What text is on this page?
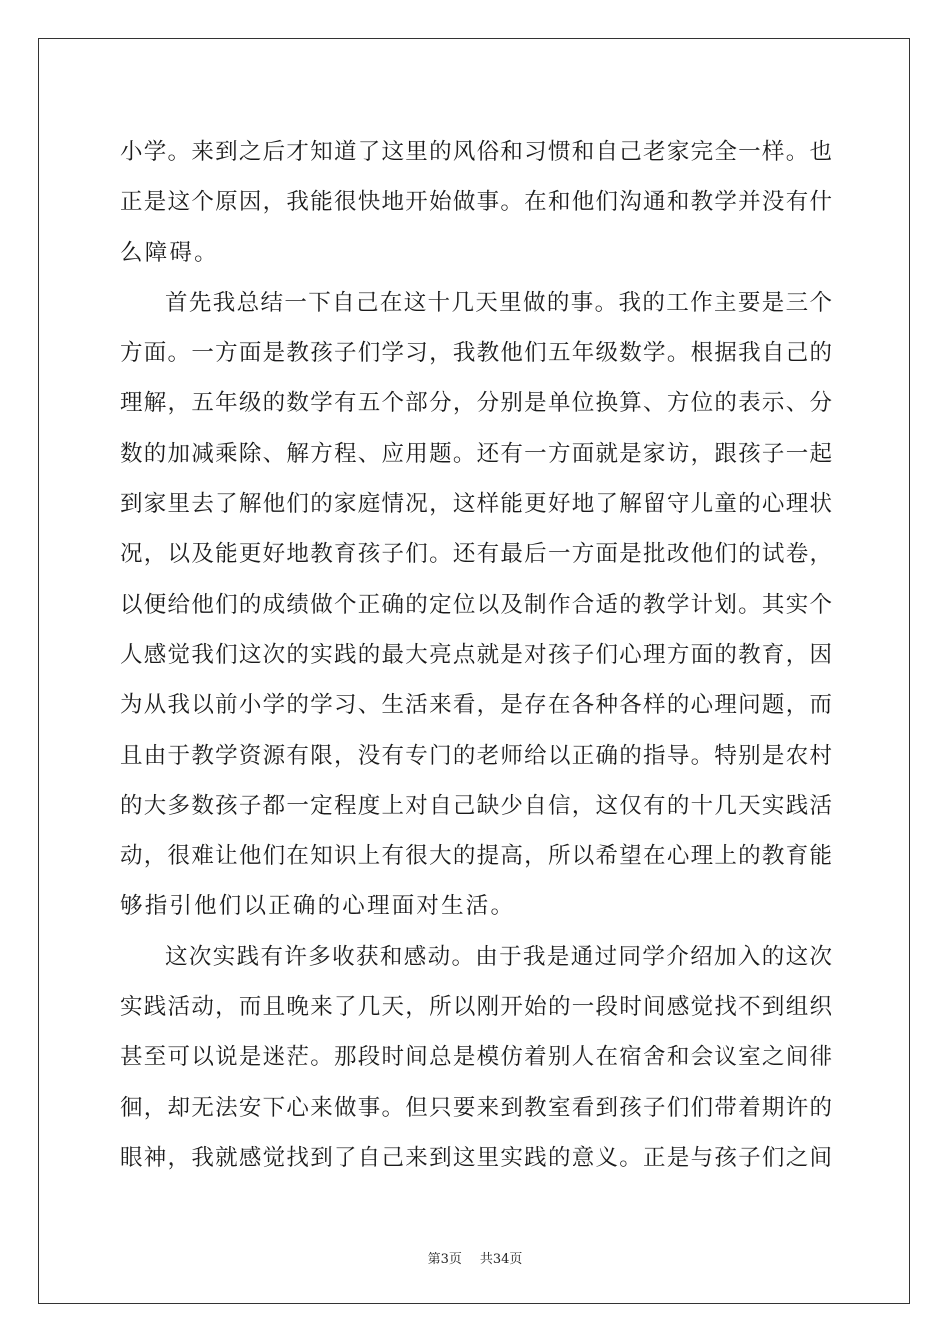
小学。来到之后才知道了这里的风俗和习惯和自己老家完全一样。也
正是这个原因，我能很快地开始做事。在和他们沟通和教学并没有什
么障碍。
首先我总结一下自己在这十几天里做的事。我的工作主要是三个
方面。一方面是教孩子们学习，我教他们五年级数学。根据我自己的
理解，五年级的数学有五个部分，分别是单位换算、方位的表示、分
数的加减乘除、解方程、应用题。还有一方面就是家访，跟孩子一起
到家里去了解他们的家庭情况，这样能更好地了解留守儿童的心理状
况，以及能更好地教育孩子们。还有最后一方面是批改他们的试卷，
以便给他们的成绩做个正确的定位以及制作合适的教学计划。其实个
人感觉我们这次的实践的最大亮点就是对孩子们心理方面的教育，因
为从我以前小学的学习、生活来看，是存在各种各样的心理问题，而
且由于教学资源有限，没有专门的老师给以正确的指导。特别是农村
的大多数孩子都一定程度上对自己缺少自信，这仅有的十几天实践活
动，很难让他们在知识上有很大的提高，所以希望在心理上的教育能
够指引他们以正确的心理面对生活。
这次实践有许多收获和感动。由于我是通过同学介绍加入的这次
实践活动，而且晚来了几天，所以刚开始的一段时间感觉找不到组织
甚至可以说是迷茫。那段时间总是模仿着别人在宿舍和会议室之间徘
徊，却无法安下心来做事。但只要来到教室看到孩子们们带着期许的
眼神，我就感觉找到了自己来到这里实践的意义。正是与孩子们之间
第3页 共34页
